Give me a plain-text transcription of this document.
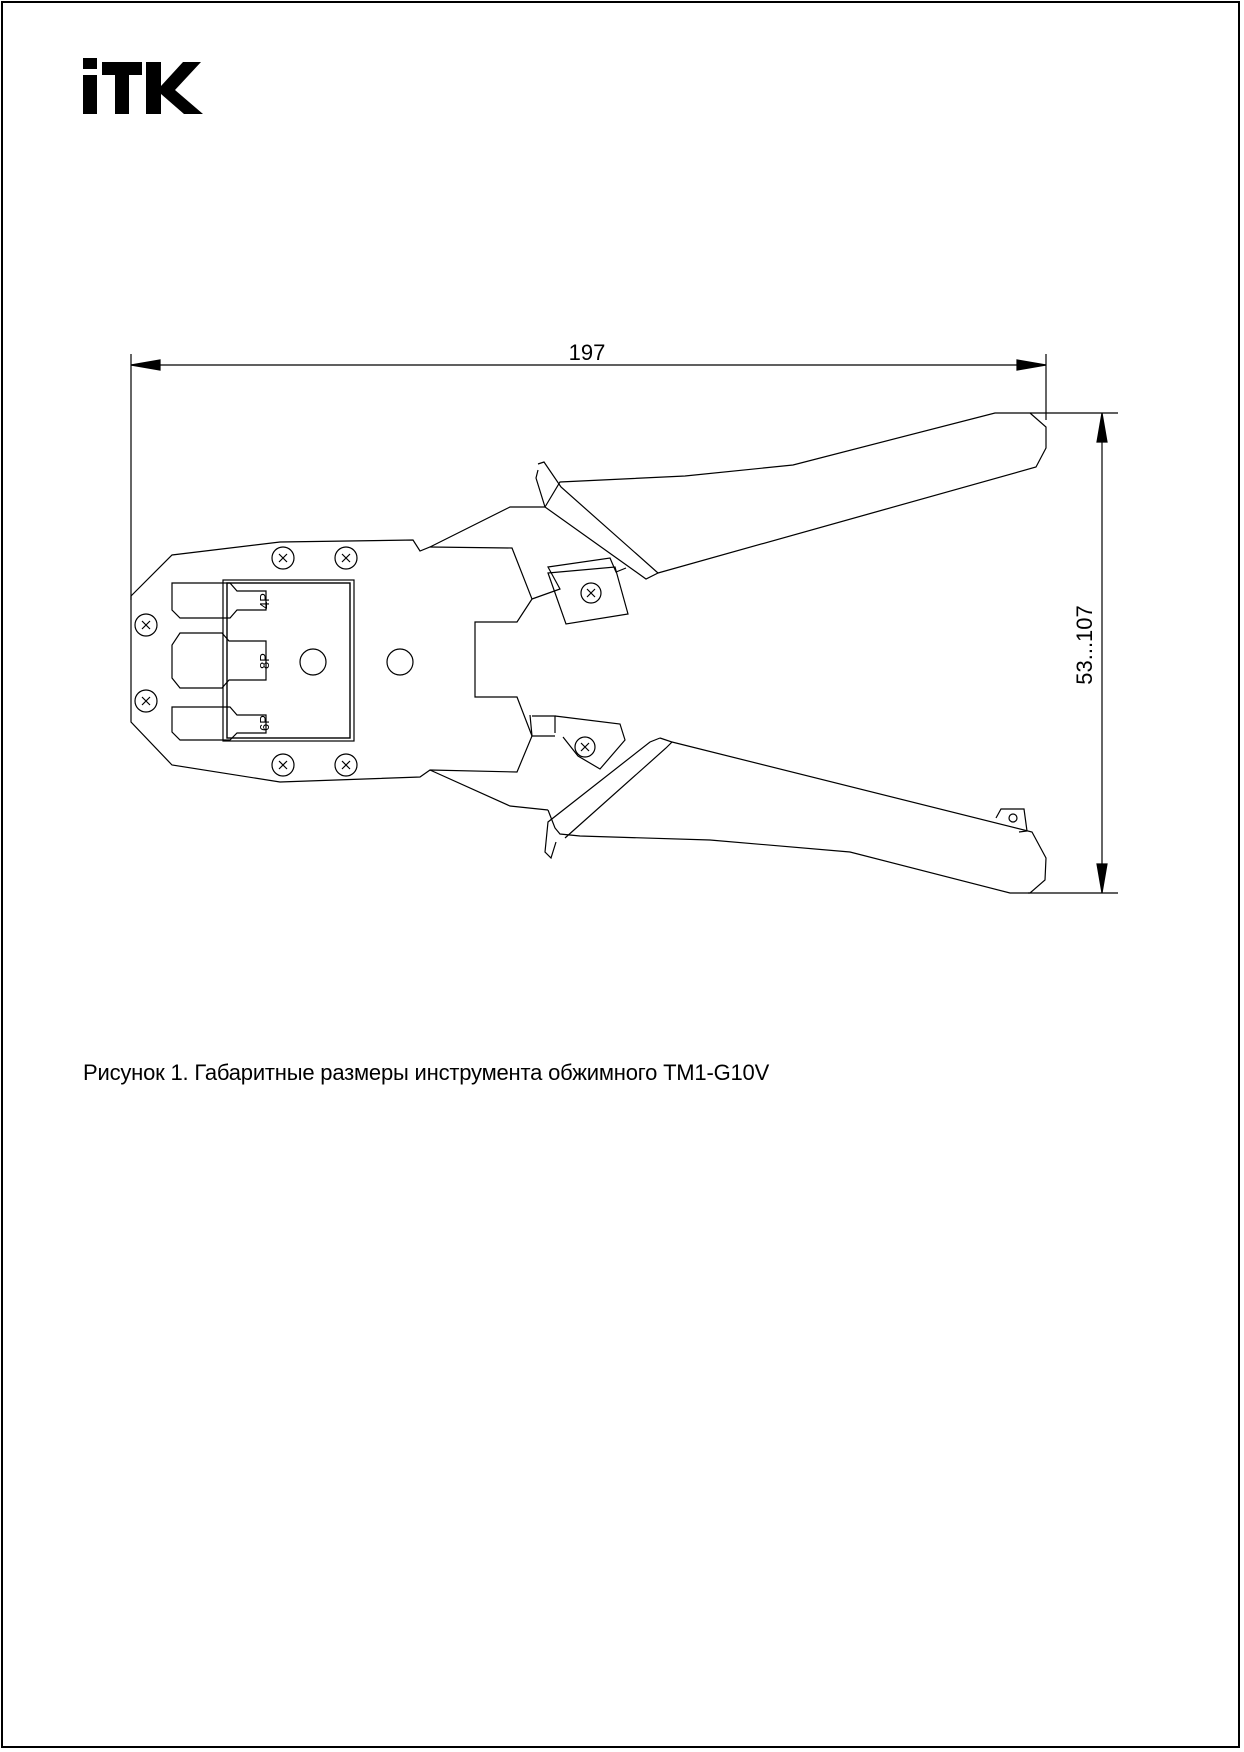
197
53...107
4P
8P
6P
Рисунок 1. Габаритные размеры инструмента обжимного TM1-G10V
